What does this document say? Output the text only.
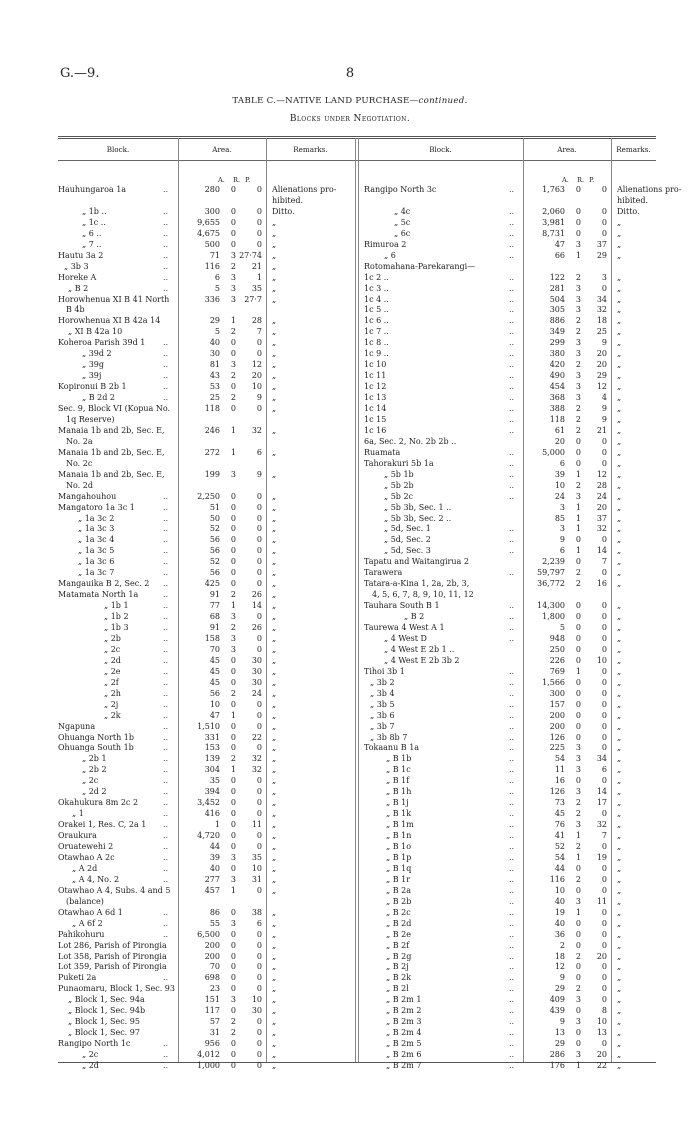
G.—9.	8
TABLE C.—NATIVE LAND PURCHASE—continued.
Blocks under Negotiation.
Block.	Area.	Remarks.	Block.	Area.	Remarks.
A. R. P.	A. R. P.
Hauhungaroa 1a	..	280	0	0 Alienations pro-
hibited.
„ 1b ..	..	300	0	0 Ditto.
„ 1c ..	..	9,655	0	0 „
„ 6 ..	..	4,675	0	0 „
„ 7 ..	..	500	0	0 „
Hautu 3a 2	..	71	3 27·74 „
„ 3b 3	..	116	2	21 „
Horeke A	..	6	3	1 „
„ B 2	..	5	3	35 „
Horowhenua XI B 41 North	336	3	27·7 „
B 4b
Horowhenua XI B 42a 14	29	1	28 „
„ XI B 42a 10	5	2	7 „
Koheroa Parish 39d 1 ..	40	0	0 „
„ 39d 2	..	30	0	0 „
„ 39g	..	81	3	12 „
„ 39j	..	43	2	20 „
Kopironui B 2b 1	..	53	0	10 „
„ B 2d 2	..	25	2	9 „
Sec. 9, Block VI (Kopua No.	118	0	0 „
1q Reserve)
Manaia 1b and 2b, Sec. E,	246	1	32 „
No. 2a
Manaia 1b and 2b, Sec. E,	272	1	6 „
No. 2c
Manaia 1b and 2b, Sec. E,	199	3	9 „
No. 2d
Mangahouhou	..	2,250	0	0 „
Mangatoro 1a 3c 1	..	51	0	0 „
„ 1a 3c 2	..	50	0	0 „
„ 1a 3c 3	..	52	0	0 „
„ 1a 3c 4	..	56	0	0 „
„ 1a 3c 5	..	56	0	0 „
„ 1a 3c 6	..	52	0	0 „
„ 1a 3c 7	..	56	0	0 „
Mangauika B 2, Sec. 2 ..	425	0	0 „
Matamata North 1a	..	91	2	26 „
„ 1b 1	..	77	1	14 „
„ 1b 2	..	68	3	0 „
„ 1b 3	..	91	2	26 „
„ 2b	..	158	3	0 „
„ 2c	..	70	3	0 „
„ 2d	..	45	0	30 „
„ 2e	..	45	0	30 „
„ 2f	..	45	0	30 „
„ 2h	..	56	2	24 „
„ 2j	..	10	0	0 „
„ 2k	..	47	1	0 „
Ngapuna	..	1,510	0	0 „
Ohuanga North 1b	..	331	0	22 „
Ohuanga South 1b	..	153	0	0 „
„ 2b 1	..	139	2	32 „
„ 2b 2	..	304	1	32 „
„ 2c	..	35	0	0 „
„ 2d 2	..	394	0	0 „
Okahukura 8m 2c 2	..	3,452	0	0 „
„ 1	..	416	0	0 „
Orakei 1, Res. C, 2a 1 ..	1	0	11 „
Oraukura	..	4,720	0	0 „
Oruatewehi 2	..	44	0	0 „
Otawhao A 2c	..	39	3	35 „
„ A 2d	..	40	0	10 „
„ A 4, No. 2	..	277	3	31 „
Otawhao A 4, Subs. 4 and 5	457	1	0 „
(balance)
Otawhao A 6d 1	..	86	0	38 „
„ A 6f 2	..	55	3	6 „
Pahikohuru	..	6,500	0	0 „
Lot 286, Parish of Pirongia	200	0	0 „
Lot 358, Parish of Pirongia	200	0	0 „
Lot 359, Parish of Pirongia	70	0	0 „
Puketi 2a	..	698	0	0 „
Punaomaru, Block 1, Sec. 93	23	0	0 „
„ Block 1, Sec. 94a	151	3	10 „
„ Block 1, Sec. 94b	117	0	30 „
„ Block 1, Sec. 95	57	2	0 „
„ Block 1, Sec. 97	31	2	0 „
Rangipo North 1c	..	956	0	0 „
„ 2c	..	4,012	0	0 „
„ 2d	..	1,000	0	0 „
Rangipo North 3c	..	1,763	0	0 Alienations pro-
hibited.
„ 4c	..	2,060	0	0 Ditto.
„ 5c	..	3,981	0	0 „
„ 6c	..	8,731	0	0 „
Rimuroa 2	..	47	3	37 „
„ 6	..	66	1	29 „
Rotomahana-Parekarangi—
1c 2 ..	..	122	2	3 „
1c 3 ..	..	281	3	0 „
1c 4 ..	..	504	3	34 „
1c 5 ..	..	305	3	32 „
1c 6 ..	..	886	2	18 „
1c 7 ..	..	349	2	25 „
1c 8 ..	..	299	3	9 „
1c 9 ..	..	380	3	20 „
1c 10	..	420	2	20 „
1c 11	..	490	3	29 „
1c 12	..	454	3	12 „
1c 13	..	368	3	4 „
1c 14	..	388	2	9 „
1c 15	..	118	2	9 „
1c 16	..	61	2	21 „
6a, Sec. 2, No. 2b 2b ..	20	0	0 „
Ruamata	..	5,000	0	0 „
Tahorakuri 5b 1a	..	6	0	0 „
„ 5b 1b	..	39	1	12 „
„ 5b 2b	..	10	2	28 „
„ 5b 2c	..	24	3	24 „
„ 5b 3b, Sec. 1 ..	3	1	20 „
„ 5b 3b, Sec. 2 ..	85	1	37 „
„ 5d, Sec. 1	..	3	1	32 „
„ 5d, Sec. 2	..	9	0	0 „
„ 5d, Sec. 3	..	6	1	14 „
Tapatu and Waitangirua 2	2,239	0	7 „
Tarawera	..	59,797	2	0 „
Tatara-a-Kina 1, 2a, 2b, 3,	36,772	2	16 „
4, 5, 6, 7, 8, 9, 10, 11, 12
Tauhara South B 1	..	14,300	0	0 „
„ B 2	..	1,800	0	0 „
Taurewa 4 West A 1	..	5	0	0 „
„ 4 West D	..	948	0	0 „
„ 4 West E 2b 1 ..	250	0	0 „
„ 4 West E 2b 3b 2	226	0	10 „
Tihoi 3b 1	..	769	1	0 „
„ 3b 2	..	1,566	0	0 „
„ 3b 4	..	300	0	0 „
„ 3b 5	..	157	0	0 „
„ 3b 6	..	200	0	0 „
„ 3b 7	..	200	0	0 „
„ 3b 8b 7	..	126	0	0 „
Tokaanu B 1a	..	225	3	0 „
„ B 1b	..	54	3	34 „
„ B 1c	..	11	3	6 „
„ B 1f	..	16	0	0 „
„ B 1h	..	126	3	14 „
„ B 1j	..	73	2	17 „
„ B 1k	..	45	2	0 „
„ B 1m	..	76	3	32 „
„ B 1n	..	41	1	7 „
„ B 1o	..	52	2	0 „
„ B 1p	..	54	1	19 „
„ B 1q	..	44	0	0 „
„ B 1r	..	116	2	0 „
„ B 2a	..	10	0	0 „
„ B 2b	..	40	3	11 „
„ B 2c	..	19	1	0 „
„ B 2d	..	40	0	0 „
„ B 2e	..	36	0	0 „
„ B 2f	..	2	0	0 „
„ B 2g	..	18	2	20 „
„ B 2j	..	12	0	0 „
„ B 2k	..	9	0	0 „
„ B 2l	..	29	2	0 „
„ B 2m 1	..	409	3	0 „
„ B 2m 2	..	439	0	8 „
„ B 2m 3	..	9	3	10 „
„ B 2m 4	..	13	0	13 „
„ B 2m 5	..	29	0	0 „
„ B 2m 6	..	286	3	20 „
„ B 2m 7	..	176	1	22 „
